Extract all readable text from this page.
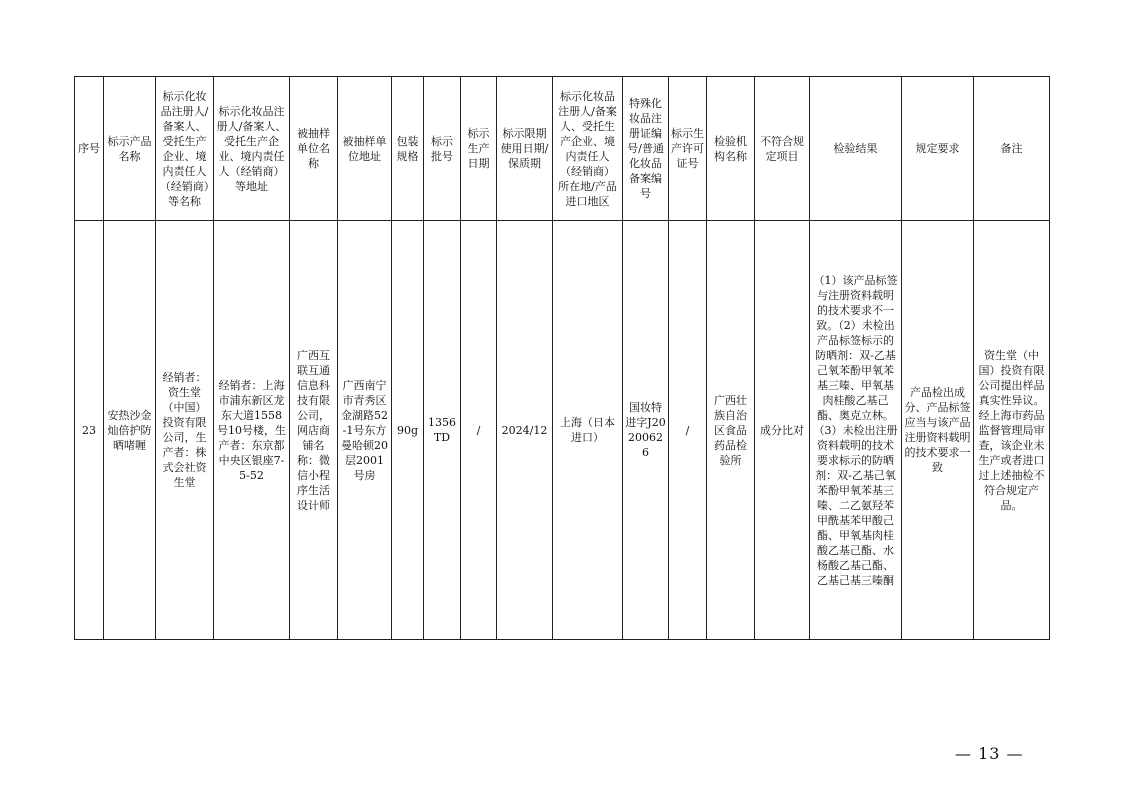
序号	标示产品名称	标示化妆品注册人/备案人、受托生产企业、境内责任人（经销商）等名称	标示化妆品注册人/备案人、受托生产企业、境内责任人（经销商）等地址	被抽样单位名称	被抽样单位地址	包装规格	标示批号	标示生产日期	标示限期使用日期/保质期	标示化妆品注册人/备案人、受托生产企业、境内责任人（经销商）所在地/产品进口地区	特殊化妆品注册证编号/普通化妆品备案编号	标示生产许可证号	检验机构名称	不符合规定项目	检验结果	规定要求	备注
23	安热沙金灿倍护防晒啫喱	经销者：资生堂（中国）投资有限公司，生产者：株式会社资生堂	经销者：上海市浦东新区龙东大道1558号10号楼，生产者：东京都中央区银座7-5-52	广西互联互通信息科技有限公司，网店商铺名称：微信小程序生活设计师	广西南宁市青秀区金湖路52-1号东方曼哈顿20层2001号房	90g	1356TD	/	2024/12	上海（日本进口）	国妆特进字J20200626	/	广西壮族自治区食品药品检验所	成分比对	（1）该产品标签与注册资料载明的技术要求不一致。（2）未检出产品标签标示的防晒剂：双-乙基己氧苯酚甲氧苯基三嗪、甲氧基肉桂酸乙基己酯、奥克立林。（3）未检出注册资料载明的技术要求标示的防晒剂：双-乙基己氧苯酚甲氧苯基三嗪、二乙氨羟苯甲酰基苯甲酸己酯、甲氧基肉桂酸乙基己酯、水杨酸乙基己酯、乙基己基三嗪酮	产品检出成分、产品标签应当与该产品注册资料载明的技术要求一致	资生堂（中国）投资有限公司提出样品真实性异议。经上海市药品监督管理局审查，该企业未生产或者进口过上述抽检不符合规定产品。
— 13 —
